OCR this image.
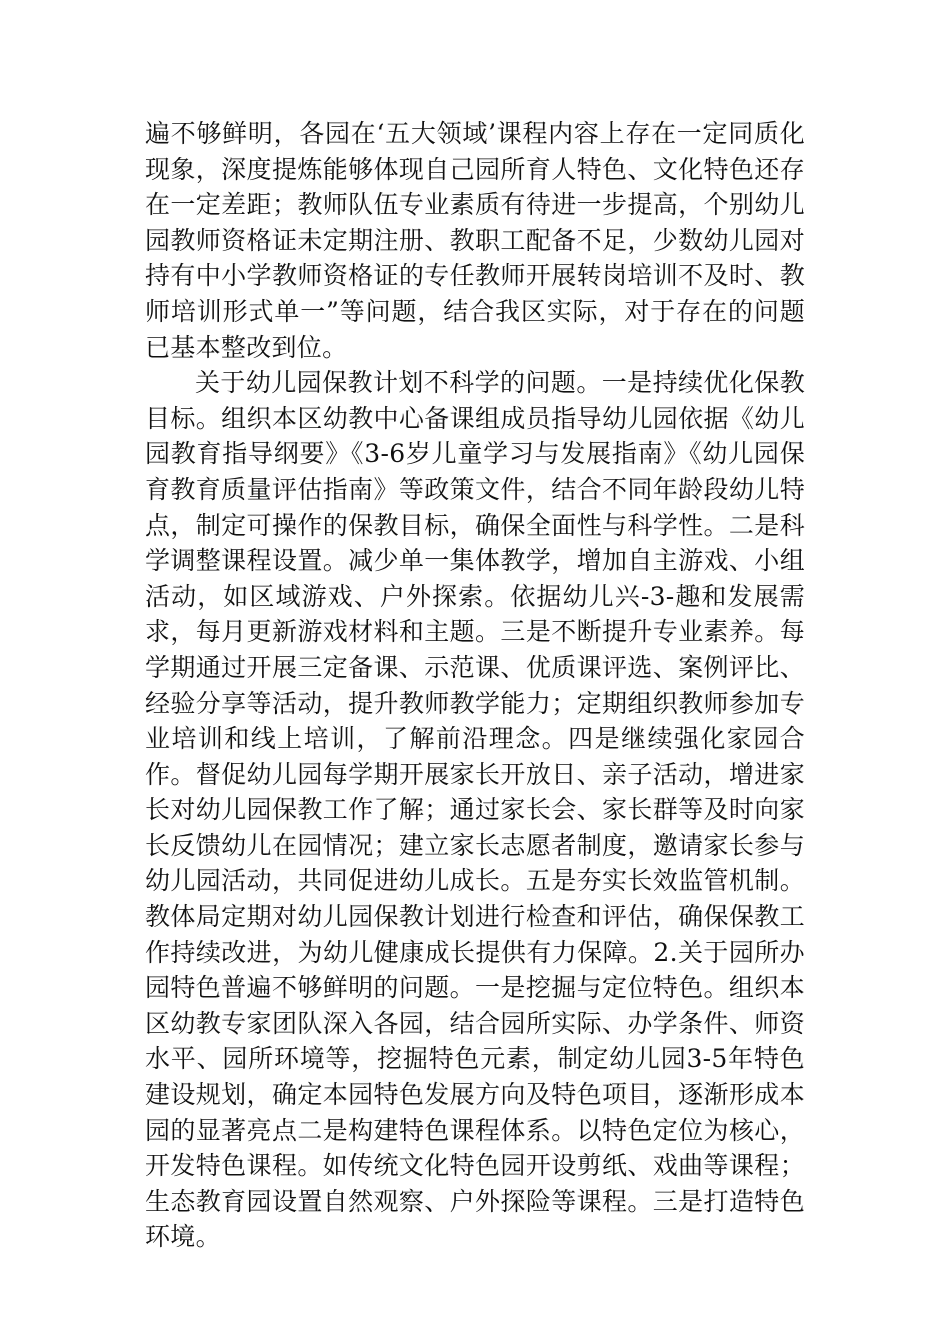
遍不够鲜明，各园在‘五大领域’课程内容上存在一定同质化现象，深度提炼能够体现自己园所育人特色、文化特色还存在一定差距；教师队伍专业素质有待进一步提高，个别幼儿园教师资格证未定期注册、教职工配备不足，少数幼儿园对持有中小学教师资格证的专任教师开展转岗培训不及时、教师培训形式单一”等问题，结合我区实际，对于存在的问题已基本整改到位。

关于幼儿园保教计划不科学的问题。一是持续优化保教目标。组织本区幼教中心备课组成员指导幼儿园依据《幼儿园教育指导纲要》《3-6岁儿童学习与发展指南》《幼儿园保育教育质量评估指南》等政策文件，结合不同年龄段幼儿特点，制定可操作的保教目标，确保全面性与科学性。二是科学调整课程设置。减少单一集体教学，增加自主游戏、小组活动，如区域游戏、户外探索。依据幼儿兴-3-趣和发展需求，每月更新游戏材料和主题。三是不断提升专业素养。每学期通过开展三定备课、示范课、优质课评选、案例评比、经验分享等活动，提升教师教学能力；定期组织教师参加专业培训和线上培训，了解前沿理念。四是继续强化家园合作。督促幼儿园每学期开展家长开放日、亲子活动，增进家长对幼儿园保教工作了解；通过家长会、家长群等及时向家长反馈幼儿在园情况；建立家长志愿者制度，邀请家长参与幼儿园活动，共同促进幼儿成长。五是夯实长效监管机制。教体局定期对幼儿园保教计划进行检查和评估，确保保教工作持续改进，为幼儿健康成长提供有力保障。2.关于园所办园特色普遍不够鲜明的问题。一是挖掘与定位特色。组织本区幼教专家团队深入各园，结合园所实际、办学条件、师资水平、园所环境等，挖掘特色元素，制定幼儿园3-5年特色建设规划，确定本园特色发展方向及特色项目，逐渐形成本园的显著亮点二是构建特色课程体系。以特色定位为核心，开发特色课程。如传统文化特色园开设剪纸、戏曲等课程；生态教育园设置自然观察、户外探险等课程。三是打造特色环境。
